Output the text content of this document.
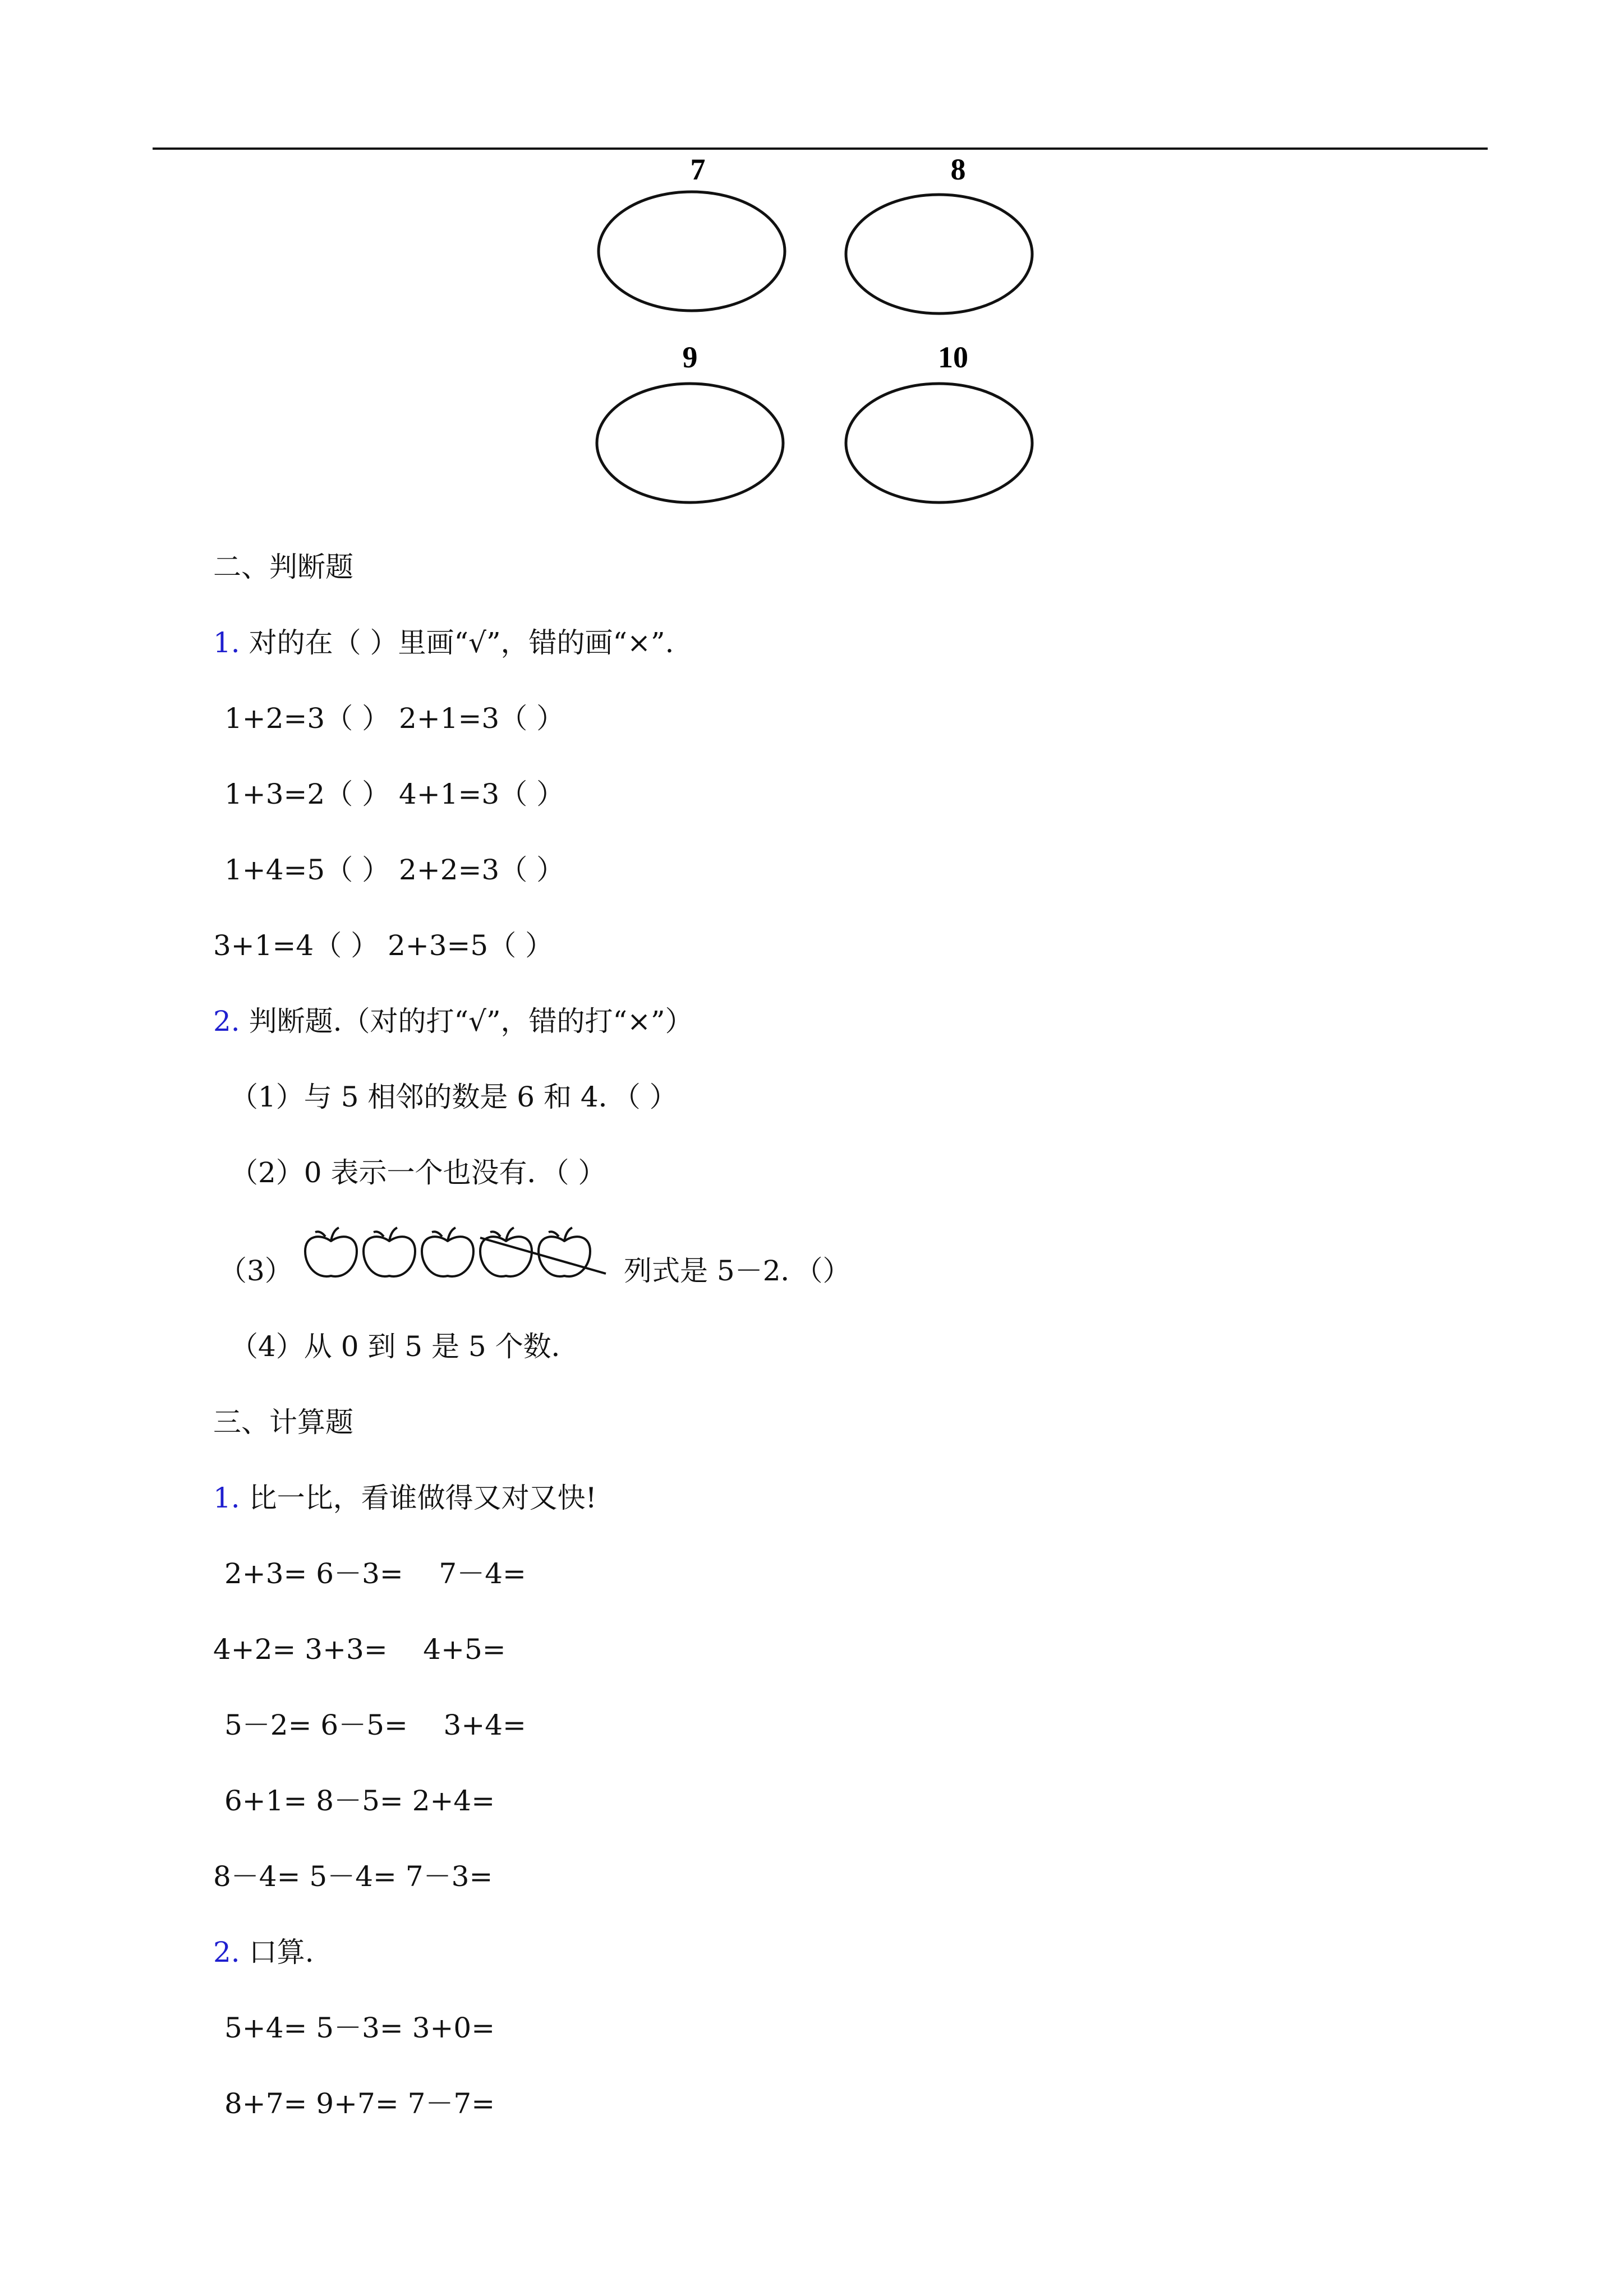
7	8
9	10
二、判断题
1. 对的在（ ）里画“√”，错的画“×”.
1+2=3（ ） 2+1=3（ ）
1+3=2（ ） 4+1=3（ ）
1+4=5（ ） 2+2=3（ ）
3+1=4（ ） 2+3=5（ ）
2. 判断题.（对的打“√”，错的打“×”）
（1）与 5 相邻的数是 6 和 4．（ ）
（2）0 表示一个也没有．（ ）
（3）	列式是 5－2．（）
（4）从 0 到 5 是 5 个数．
三、计算题
1. 比一比，看谁做得又对又快!
2+3= 6－3=    7－4=
4+2= 3+3=    4+5=
5－2= 6－5=    3+4=
6+1= 8－5= 2+4=
8－4= 5－4= 7－3=
2. 口算.
5+4= 5－3= 3+0=
8+7= 9+7= 7－7=
